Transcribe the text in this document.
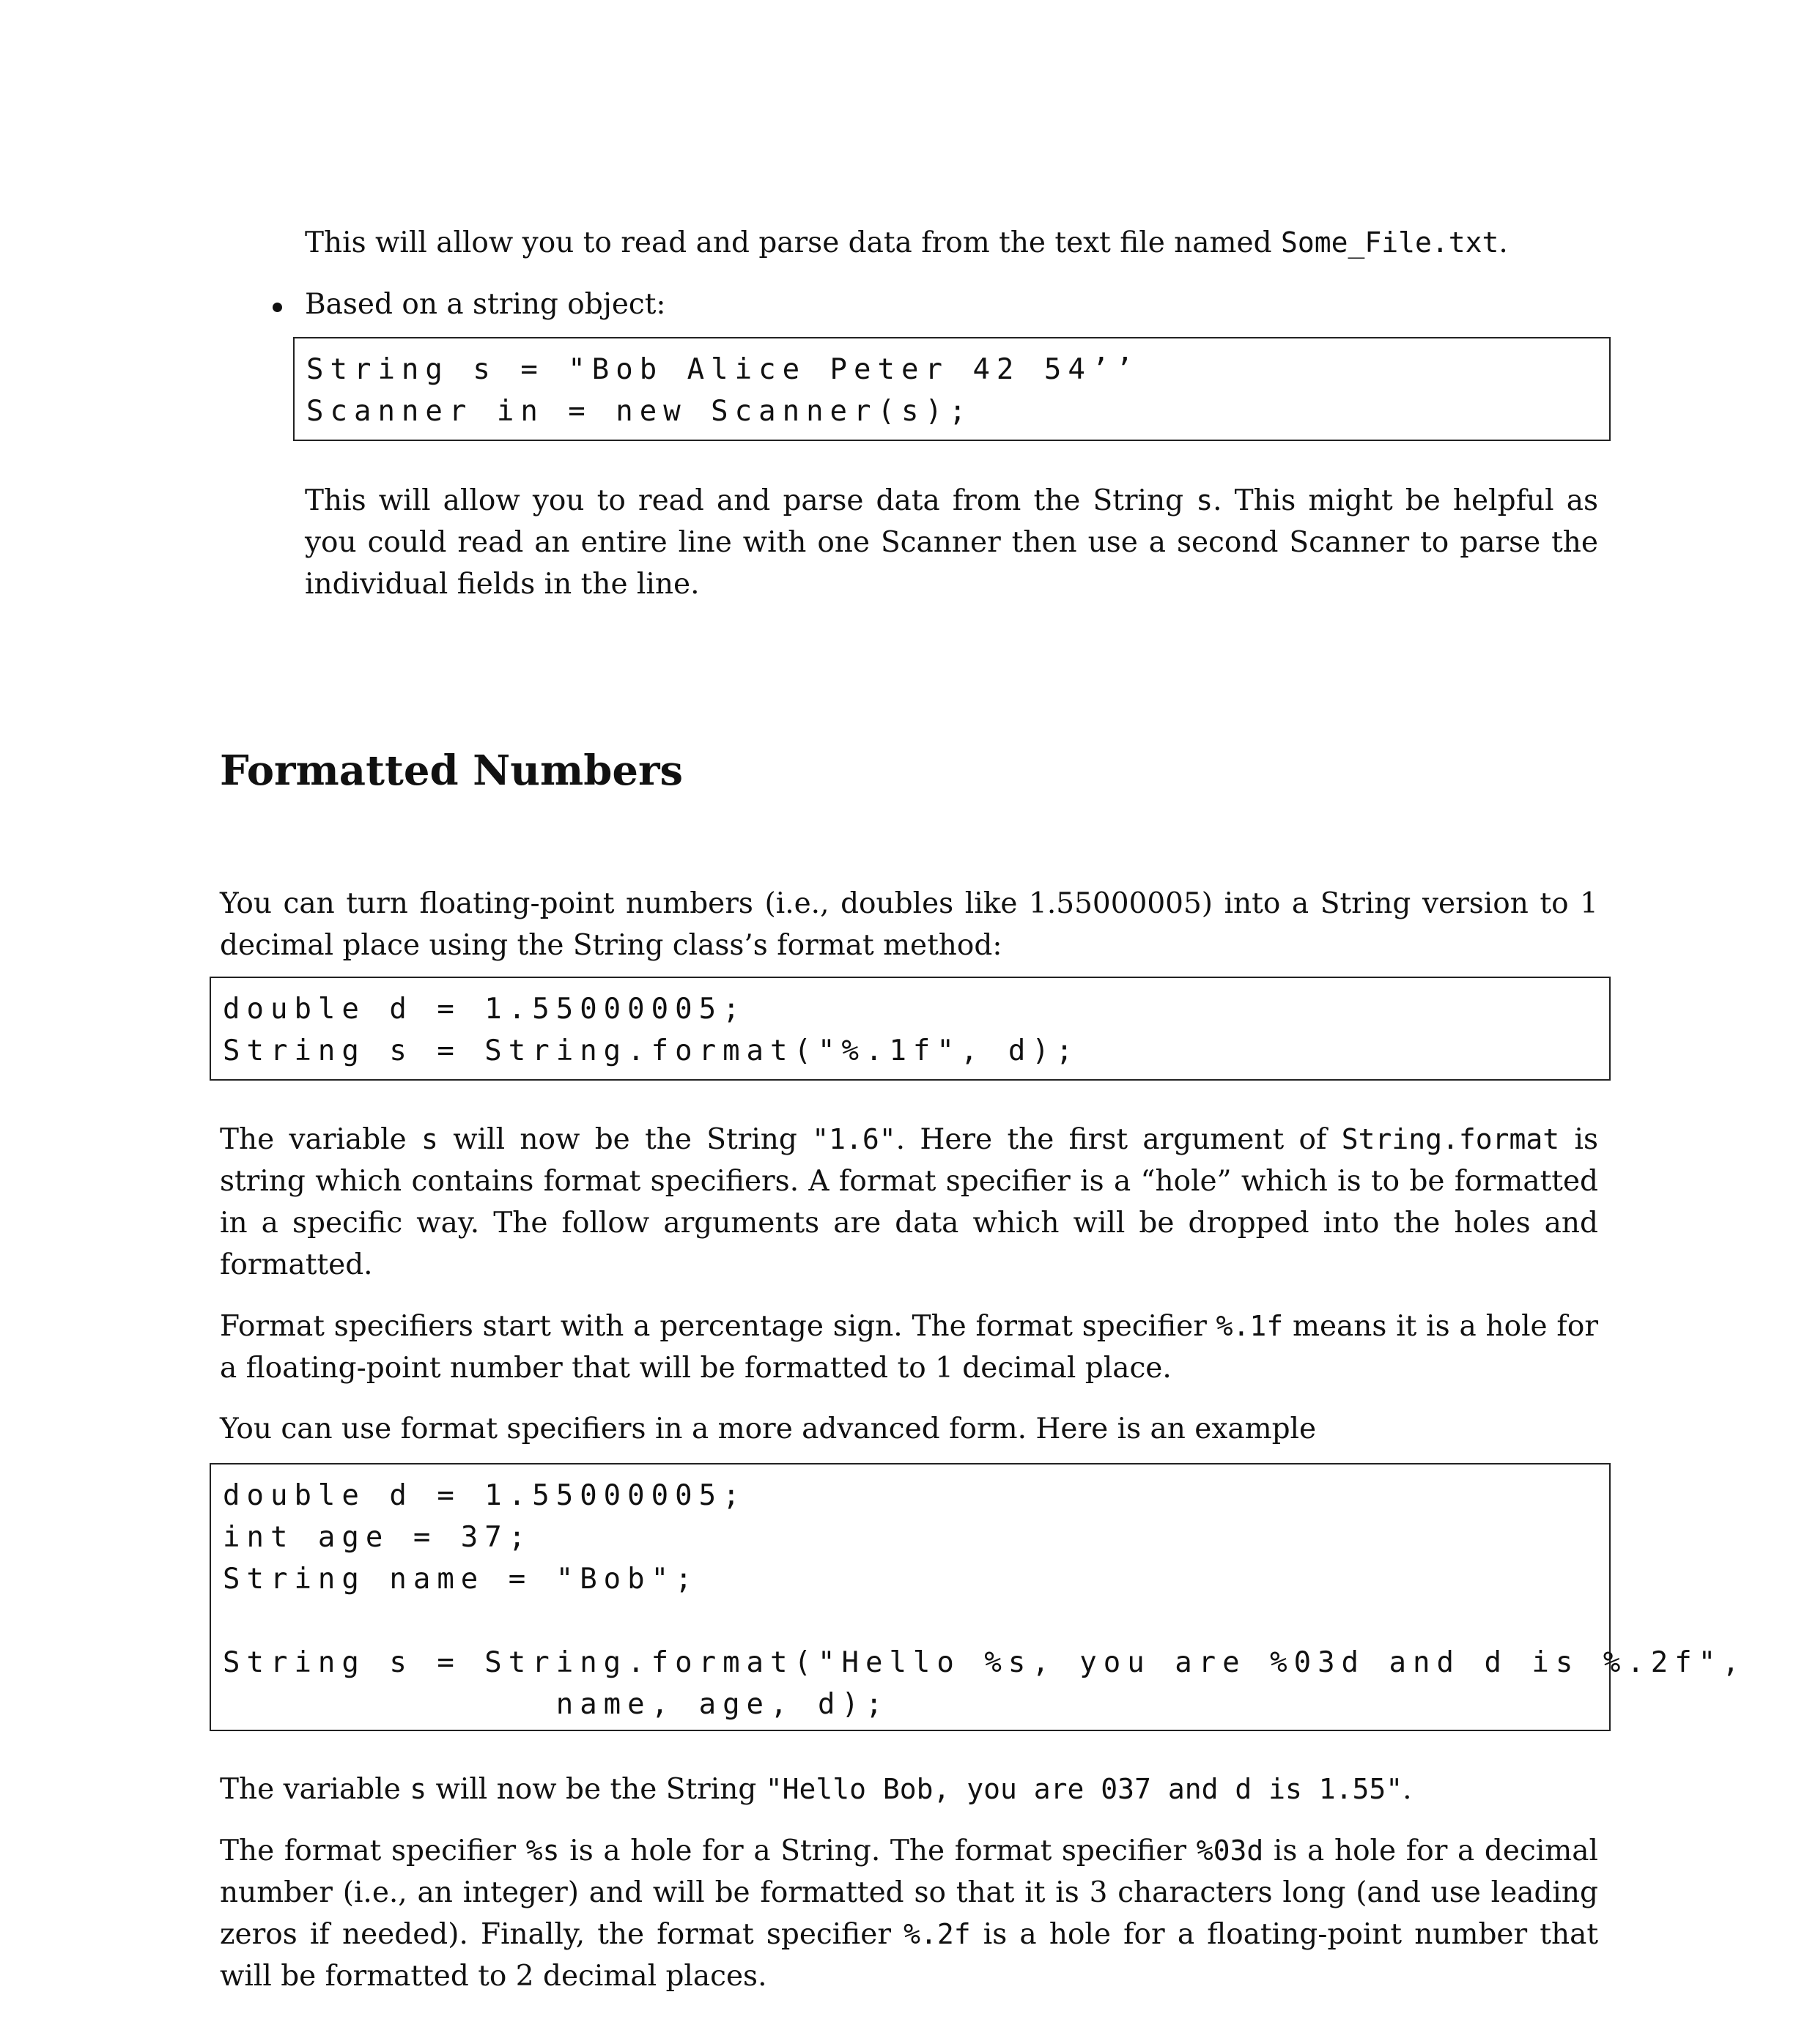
This will allow you to read and parse data from the text file named Some_File.txt.

Based on a string object:

String s = "Bob Alice Peter 42 54’’
Scanner in = new Scanner(s);

This will allow you to read and parse data from the String s. This might be helpful as you could read an entire line with one Scanner then use a second Scanner to parse the individual fields in the line.

Formatted Numbers

You can turn floating-point numbers (i.e., doubles like 1.55000005) into a String version to 1 decimal place using the String class’s format method:

double d = 1.55000005;
String s = String.format("%.1f", d);

The variable s will now be the String "1.6". Here the first argument of String.format is string which contains format specifiers. A format specifier is a “hole” which is to be formatted in a specific way. The follow arguments are data which will be dropped into the holes and formatted.

Format specifiers start with a percentage sign. The format specifier %.1f means it is a hole for a floating-point number that will be formatted to 1 decimal place.

You can use format specifiers in a more advanced form. Here is an example

double d = 1.55000005;
int age = 37;
String name = "Bob";

String s = String.format("Hello %s, you are %03d and d is %.2f",
name, age, d);

The variable s will now be the String "Hello Bob, you are 037 and d is 1.55".

The format specifier %s is a hole for a String. The format specifier %03d is a hole for a decimal number (i.e., an integer) and will be formatted so that it is 3 characters long (and use leading zeros if needed). Finally, the format specifier %.2f is a hole for a floating-point number that will be formatted to 2 decimal places.
